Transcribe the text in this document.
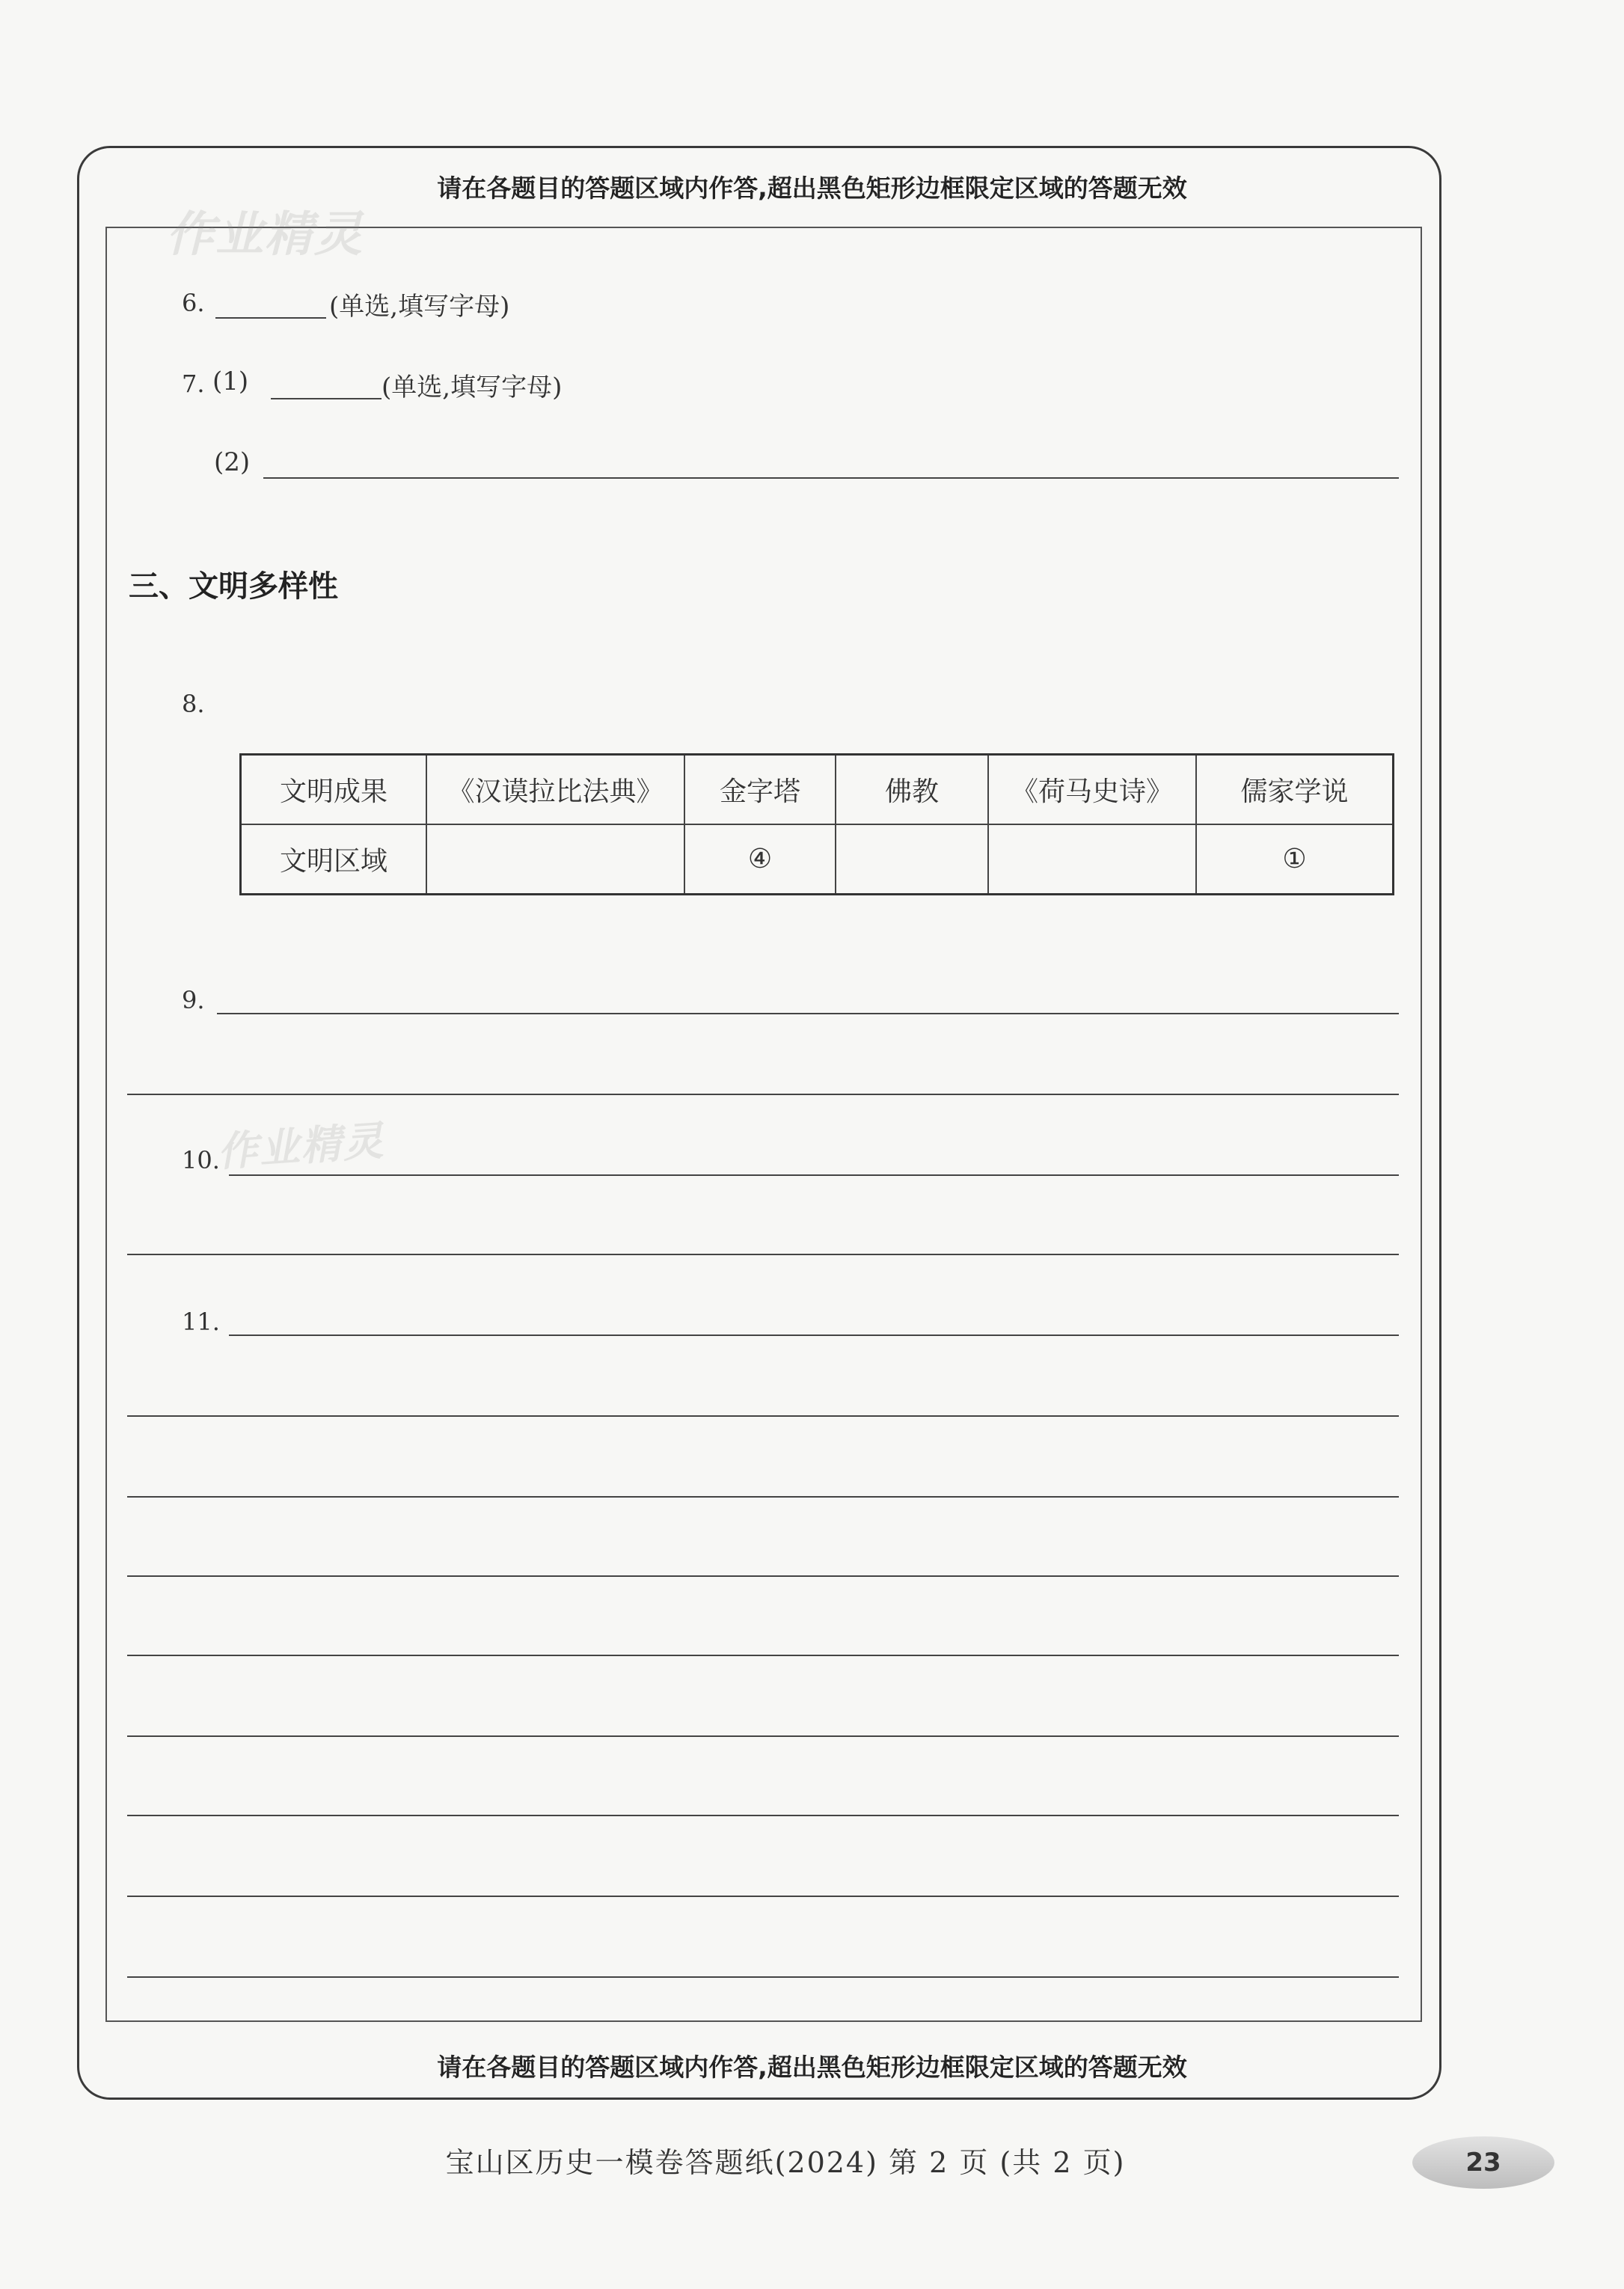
请在各题目的答题区域内作答,超出黑色矩形边框限定区域的答题无效
请在各题目的答题区域内作答,超出黑色矩形边框限定区域的答题无效
作业精灵
作业精灵
6.	(单选,填写字母)
7. (1)	(单选,填写字母)
(2)
三、文明多样性
8.
文明成果	《汉谟拉比法典》	金字塔	佛教	《荷马史诗》	儒家学说
文明区域		④			①
9.
10.
11.
宝山区历史一模卷答题纸(2024) 第 2 页 (共 2 页)	23
